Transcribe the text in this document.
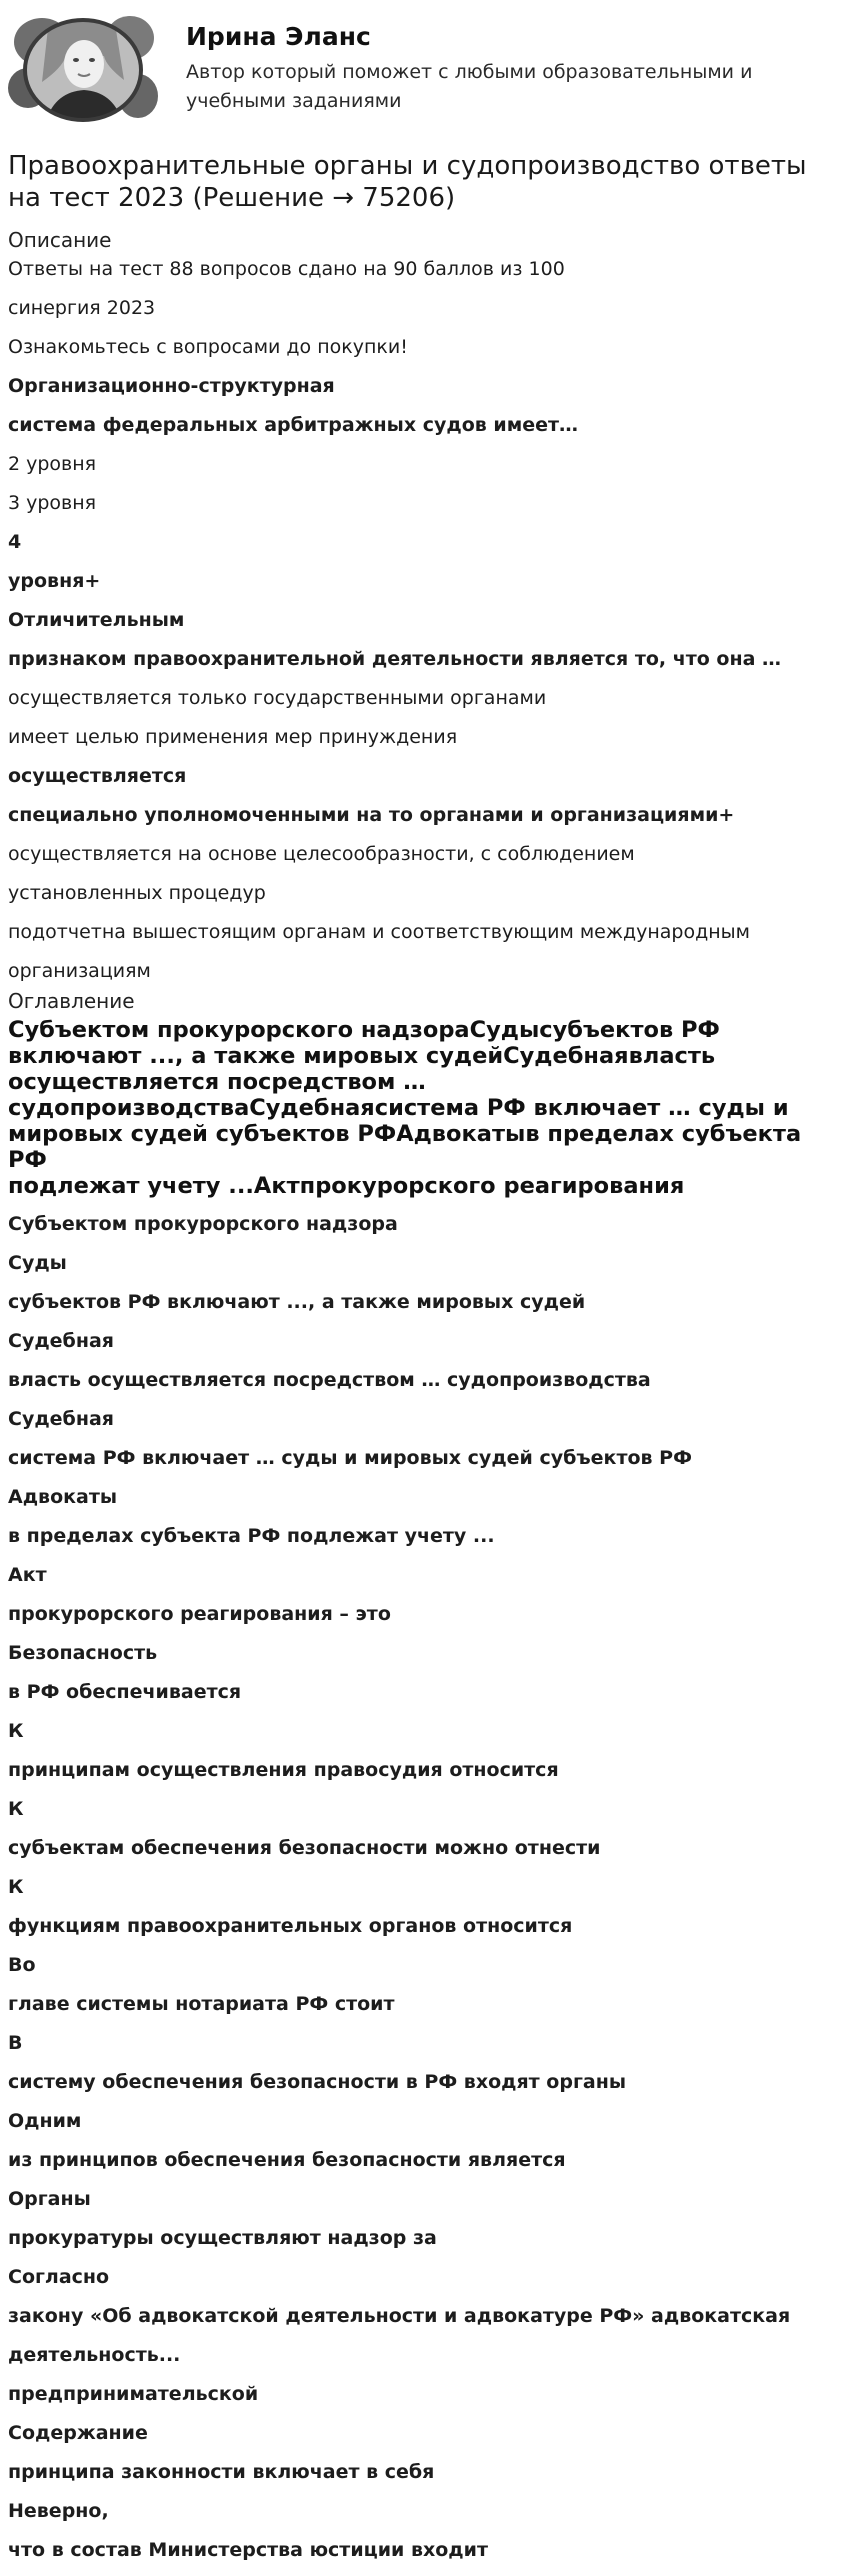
Ирина Эланс
Автор который поможет с любыми образовательными и учебными заданиями
Правоохранительные органы и судопроизводство ответы на тест 2023 (Решение → 75206)
Описание
Ответы на тест 88 вопросов сдано на 90 баллов из 100
синергия 2023
Ознакомьтесь с вопросами до покупки!
Организационно-структурная
система федеральных арбитражных судов имеет…
2 уровня
3 уровня
4
уровня+
Отличительным
признаком правоохранительной деятельности является то, что она …
осуществляется только государственными органами
имеет целью применения мер принуждения
осуществляется
специально уполномоченными на то органами и организациями+
осуществляется на основе целесообразности, с соблюдением
установленных процедур
подотчетна вышестоящим органам и соответствующим международным
организациям
Оглавление
Субъектом прокурорского надзораСудысубъектов РФ
включают ..., а также мировых судейСудебнаявласть
осуществляется посредством …
судопроизводстваСудебнаясистема РФ включает … суды и
мировых судей субъектов РФАдвокатыв пределах субъекта РФ
подлежат учету ...Актпрокурорского реагирования
Субъектом прокурорского надзора
Суды
субъектов РФ включают ..., а также мировых судей
Судебная
власть осуществляется посредством … судопроизводства
Судебная
система РФ включает … суды и мировых судей субъектов РФ
Адвокаты
в пределах субъекта РФ подлежат учету ...
Акт
прокурорского реагирования – это
Безопасность
в РФ обеспечивается
К
принципам осуществления правосудия относится
К
субъектам обеспечения безопасности можно отнести
К
функциям правоохранительных органов относится
Во
главе системы нотариата РФ стоит
В
систему обеспечения безопасности в РФ входят органы
Одним
из принципов обеспечения безопасности является
Органы
прокуратуры осуществляют надзор за
Согласно
закону «Об адвокатской деятельности и адвокатуре РФ» адвокатская
деятельность...
предпринимательской
Содержание
принципа законности включает в себя
Неверно,
что в состав Министерства юстиции входит
